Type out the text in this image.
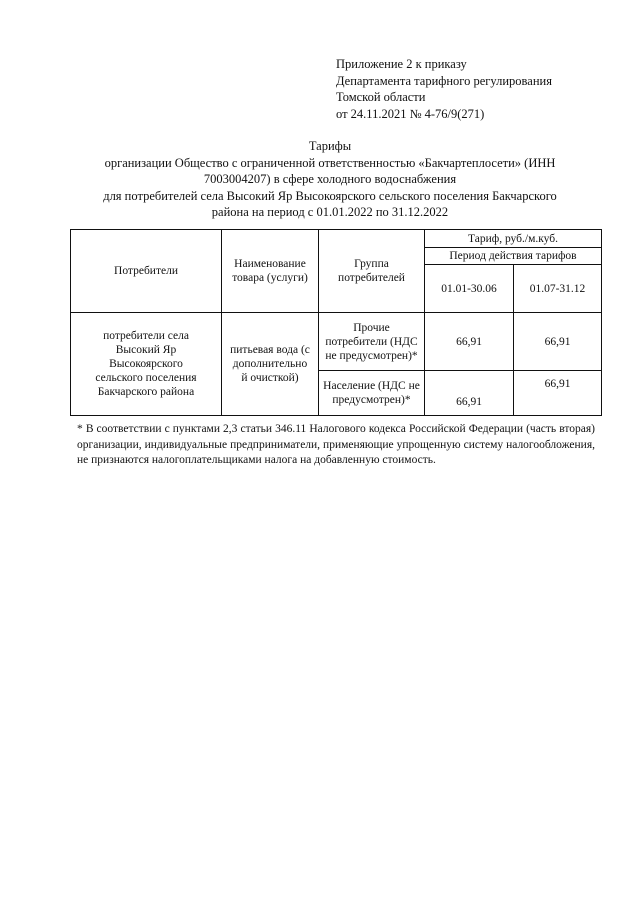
Приложение 2 к приказу
Департамента тарифного регулирования
Томской области
от 24.11.2021 № 4-76/9(271)
Тарифы
организации Общество с ограниченной ответственностью «Бакчартеплосети» (ИНН
7003004207) в сфере холодного водоснабжения
для потребителей села Высокий Яр Высокоярского сельского поселения Бакчарского
района на период с 01.01.2022 по 31.12.2022
Потребители	Наименование товара (услуги)	Группа потребителей	Тариф, руб./м.куб.	
			Период действия тарифов	
			01.01-30.06	01.07-31.12
потребители села Высокий Яр Высокоярского сельского поселения Бакчарского района	питьевая вода (с дополнительно й очисткой)	Прочие потребители (НДС не предусмотрен)*	66,91	66,91
		Население (НДС не предусмотрен)*	66,91	66,91
* В соответствии с пунктами 2,3 статьи 346.11 Налогового кодекса Российской Федерации (часть вторая) организации, индивидуальные предприниматели, применяющие упрощенную систему налогообложения, не признаются налогоплательщиками налога на добавленную стоимость.
